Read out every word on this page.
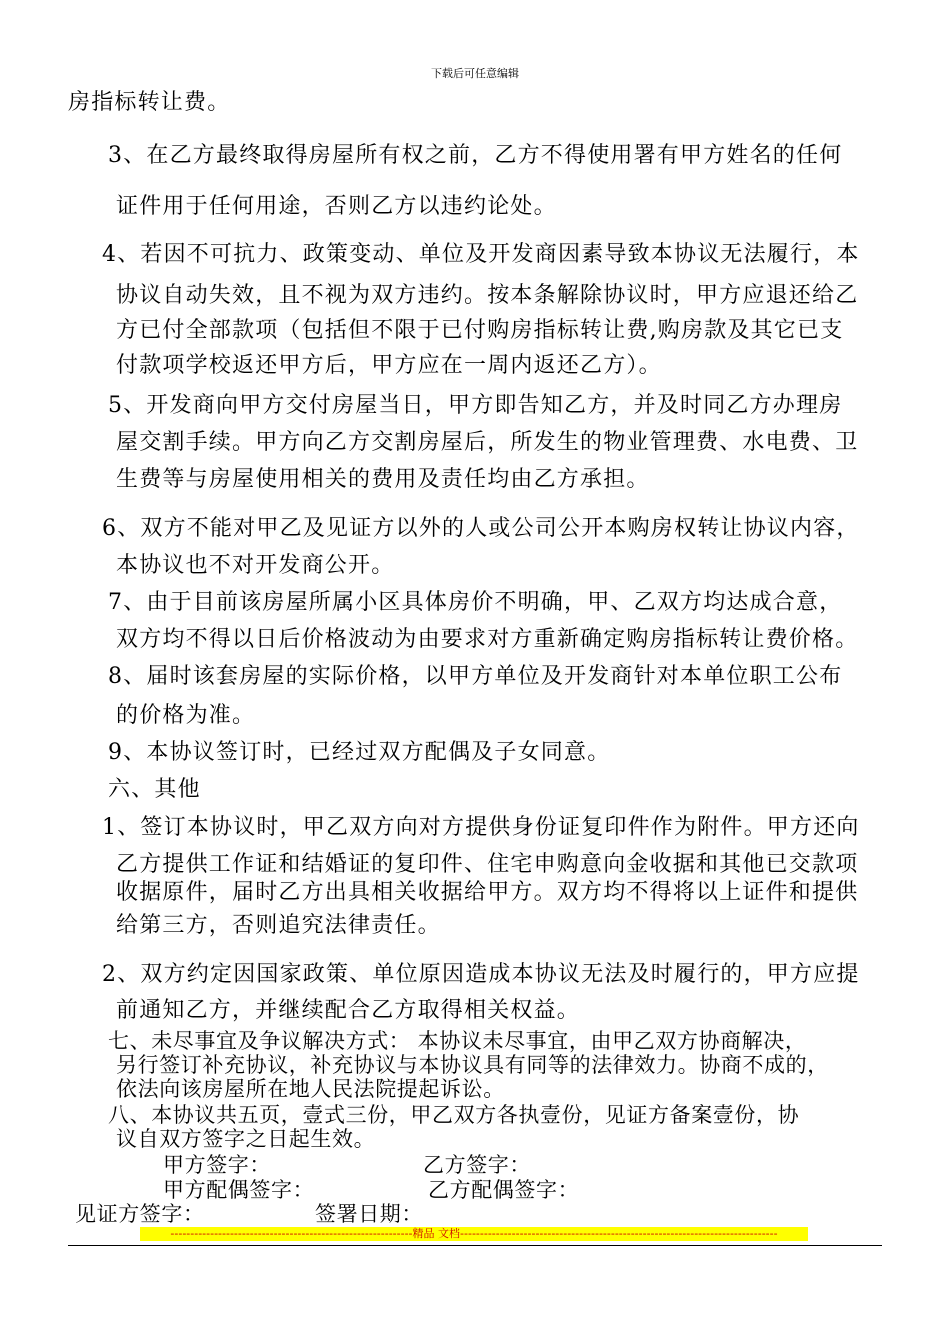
下载后可任意编辑
房指标转让费。
3、在乙方最终取得房屋所有权之前，乙方不得使用署有甲方姓名的任何
证件用于任何用途，否则乙方以违约论处。
4、若因不可抗力、政策变动、单位及开发商因素导致本协议无法履行，本
协议自动失效，且不视为双方违约。按本条解除协议时，甲方应退还给乙
方已付全部款项（包括但不限于已付购房指标转让费,购房款及其它已支
付款项学校返还甲方后，甲方应在一周内返还乙方）。
5、开发商向甲方交付房屋当日，甲方即告知乙方，并及时同乙方办理房
屋交割手续。甲方向乙方交割房屋后，所发生的物业管理费、水电费、卫
生费等与房屋使用相关的费用及责任均由乙方承担。
6、双方不能对甲乙及见证方以外的人或公司公开本购房权转让协议内容，
本协议也不对开发商公开。
7、由于目前该房屋所属小区具体房价不明确，甲、乙双方均达成合意，
双方均不得以日后价格波动为由要求对方重新确定购房指标转让费价格。
8、届时该套房屋的实际价格，以甲方单位及开发商针对本单位职工公布
的价格为准。
9、本协议签订时，已经过双方配偶及子女同意。
六、其他
1、签订本协议时，甲乙双方向对方提供身份证复印件作为附件。甲方还向
乙方提供工作证和结婚证的复印件、住宅申购意向金收据和其他已交款项
收据原件，届时乙方出具相关收据给甲方。双方均不得将以上证件和提供
给第三方，否则追究法律责任。
2、双方约定因国家政策、单位原因造成本协议无法及时履行的，甲方应提
前通知乙方，并继续配合乙方取得相关权益。
七、未尽事宜及争议解决方式： 本协议未尽事宜，由甲乙双方协商解决，
另行签订补充协议，补充协议与本协议具有同等的法律效力。协商不成的，
依法向该房屋所在地人民法院提起诉讼。
八、本协议共五页，壹式三份，甲乙双方各执壹份，见证方备案壹份，协
议自双方签字之日起生效。
甲方签字：	乙方签字：
甲方配偶签字：	乙方配偶签字：
见证方签字：	签署日期：
-------------------------------------------------------------精品 文档--------------------------------------------------------------------------------
